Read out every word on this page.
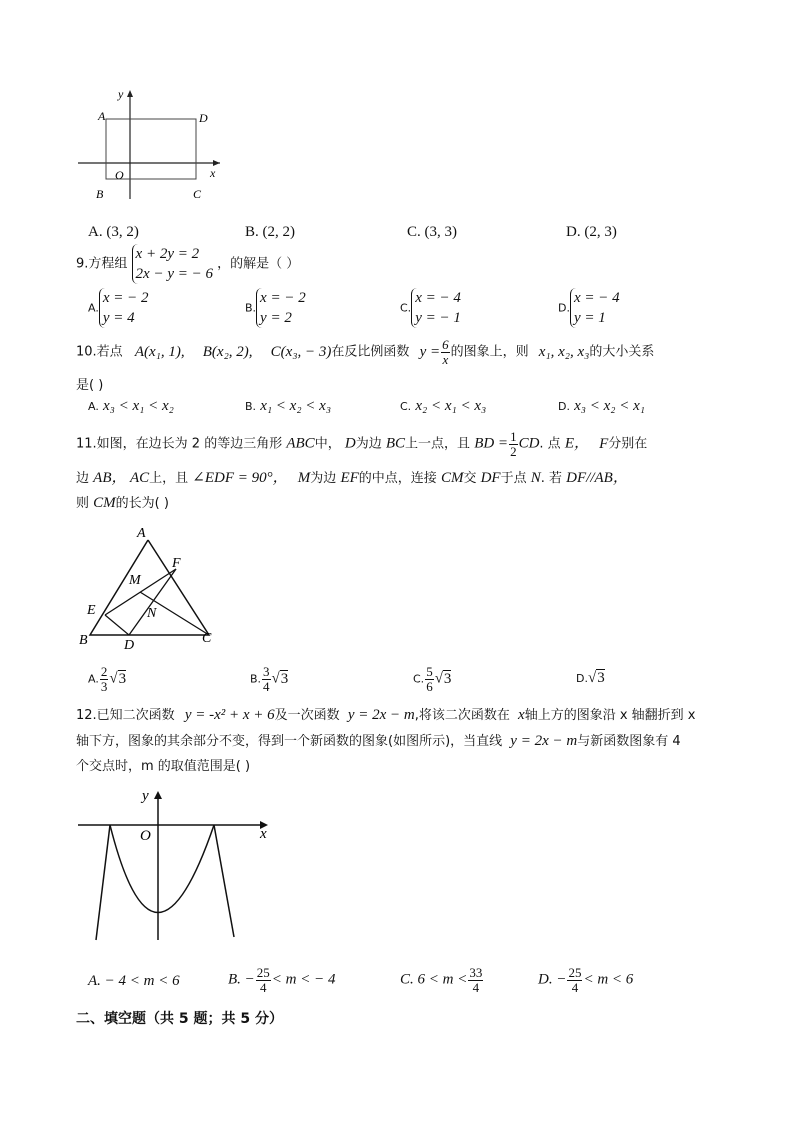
y
x
A	D
O
B	C
A. (3, 2)	B. (2, 2)	C. (3, 3)	D. (2, 3)
9.方程组
x + 2y = 2
2x − y = − 6
，的解是（ ）
A.
x = − 2
y = 4
B.
x = − 2
y = 2
C.
x = − 4
y = − 1
D.
x = − 4
y = 1
10.若点 A(x₁, 1), B(x₂, 2), C(x₃, − 3)在反比例函数 $y = \frac{6}{x}$ 的图象上，则 x₁, x₂, x₃的大小关系
是( )
A. x₃ < x₁ < x₂	B. x₁ < x₂ < x₃	C. x₂ < x₁ < x₃	D. x₃ < x₂ < x₁
11.如图，在边长为 2 的等边三角形 ABC中， D为边 BC上一点，且 BD = $\frac{1}{2}$ CD. 点 E， F分别在
边 AB， AC上，且 ∠EDF = 90°， M为边 EF的中点，连接 CM交 DF于点 N. 若 DF//AB，
则 CM的长为( )
A
F
M
N
E
B	D	C
A. $\frac{2}{3} √3$	B. $\frac{3}{4} √3$	C. $\frac{5}{6} √3$	D.√3
12.已知二次函数 y = -x² + x + 6及一次函数 y = 2x − m,将该二次函数在 x轴上方的图象沿 x 轴翻折到 x
轴下方，图象的其余部分不变，得到一个新函数的图象(如图所示)，当直线 y = 2x − m与新函数图象有 4
个交点时，m 的取值范围是( )
y
x
O
A. − 4 < m < 6	B. − $\frac{25}{4} < m$ < − 4	C. $6 < m < \frac{33}{4}$	D. − $\frac{25}{4} < m < 6$
二、填空题（共 5 题；共 5 分）
